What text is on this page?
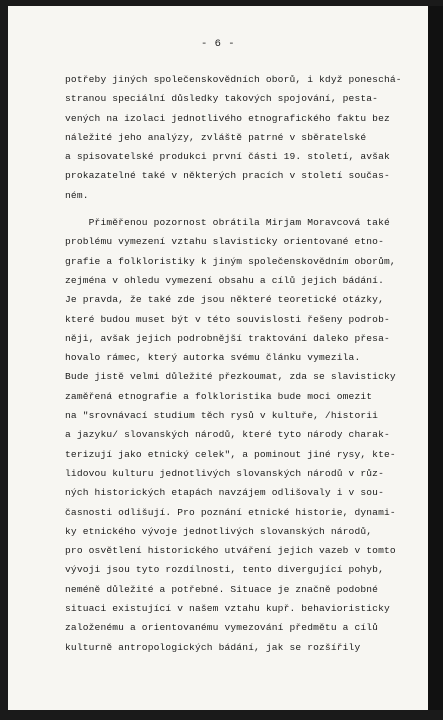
- 6 -
potřeby jiných společenskovědních oborů, i když poneschá-
stranou speciální důsledky takových spojování, pesta-
vených na izolaci jednotlivého etnografického faktu bez
náležité jeho analýzy, zvláště patrné v sběratelské
a spisovatelské produkci první části 19. století, avšak
prokazatelné také v některých pracích v století součas-
ném.
Přiměřenou pozornost obrátila Mirjam Moravcová také
problému vymezení vztahu slavisticky orientované etno-
grafie a folkloristiky k jiným společenskovědním oborům,
zejména v ohledu vymezení obsahu a cílů jejich bádání.
Je pravda, že také zde jsou některé teoretické otázky,
které budou muset být v této souvislosti řešeny podrob-
něji, avšak jejich podrobnější traktování daleko přesa-
hovalo rámec, který autorka svému článku vymezila.
Bude jistě velmi důležité přezkoumat, zda se slavisticky
zaměřená etnografie a folkloristika bude moci omezit
na "srovnávací studium těch rysů v kultuře, /historii
a jazyku/ slovanských národů, které tyto národy charak-
terizují jako etnický celek", a pominout jiné rysy, kte-
lidovou kulturu jednotlivých slovanských národů v růz-
ných historických etapách navzájem odlišovaly i v sou-
časnosti odlišují. Pro poznání etnické historie, dynami-
ky etnického vývoje jednotlivých slovanských národů,
pro osvětlení historického utváření jejich vazeb v tomto
vývoji jsou tyto rozdílnosti, tento divergující pohyb,
neméně důležité a potřebné. Situace je značně podobné
situaci existující v našem vztahu kupř. behavioristicky
založenému a orientovanému vymezování předmětu a cílů
kulturně antropologických bádání, jak se rozšířily
